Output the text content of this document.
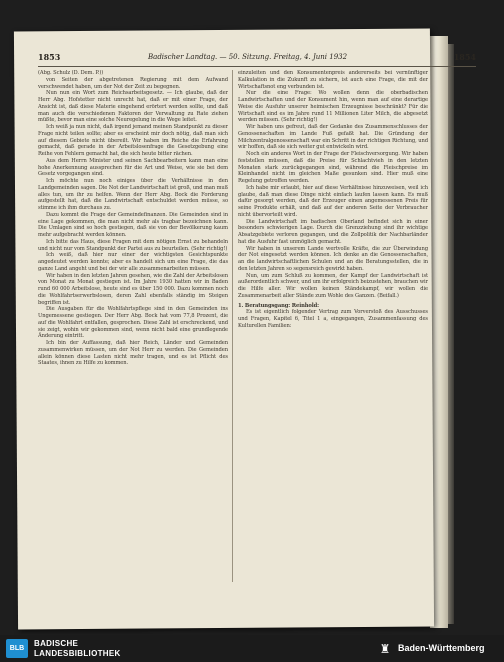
1853	Badischer Landtag. — 50. Sitzung. Freitag, 4. Juni 1932	1854

(Abg. Schulz (D. Dem. P.))

von Seiten der abgetretenen Regierung mit dem Aufwand verschwendet haben, um der Not der Zeit zu begegnen.

Nun nun ein Wort zum Reichsarbeitsgesetz. — Ich glaube, daß der Herr Abg. Hofstetter nicht unrecht hat, daß er mit einer Frage, der Ansicht ist, daß diese Materie eingehend erörtert werden sollte, und daß man auch die verschiedenen Faktoren der Verwaltung zu Rate ziehen müßte, bevor man eine solche Neuregelung in die Wege leitet.

Ich weiß ja nun nicht, daß irgend jemand meinen Standpunkt zu dieser Frage nicht teilen sollte; aber es erscheint mir doch nötig, daß man sich auf diesem Gebiete nicht übereilt. Wir haben im Reiche die Erfahrung gemacht, daß gerade in der Arbeitslosenfrage die Gesetzgebung eine Reihe von Fehlern gemacht hat, die sich heute bitter rächen.

Aus dem Herrn Minister und seinen Sachbearbeitern kann man eine hohe Anerkennung aussprechen für die Art und Weise, wie sie bei dem Gesetz vorgegangen sind.

Ich möchte nun noch einiges über die Verhältnisse in den Landgemeinden sagen. Die Not der Landwirtschaft ist groß, und man muß alles tun, um ihr zu helfen. Wenn der Herr Abg. Bock die Forderung aufgestellt hat, daß die Landwirtschaft entschuldet werden müsse, so stimme ich ihm durchaus zu.

Dazu kommt die Frage der Gemeindefinanzen. Die Gemeinden sind in eine Lage gekommen, die man nicht mehr als tragbar bezeichnen kann. Die Umlagen sind so hoch gestiegen, daß sie von der Bevölkerung kaum mehr aufgebracht werden können.

Ich bitte das Haus, diese Fragen mit dem nötigen Ernst zu behandeln und nicht nur vom Standpunkt der Partei aus zu beurteilen. (Sehr richtig!)

Ich weiß, daß hier nur einer der wichtigsten Gesichtspunkte angedeutet werden konnte; aber es handelt sich um eine Frage, die das ganze Land angeht und bei der wir alle zusammenarbeiten müssen.

Wir haben in den letzten Jahren gesehen, wie die Zahl der Arbeitslosen von Monat zu Monat gestiegen ist. Im Jahre 1930 hatten wir in Baden rund 60 000 Arbeitslose, heute sind es über 150 000. Dazu kommen noch die Wohlfahrtserwerbslosen, deren Zahl ebenfalls ständig im Steigen begriffen ist.

Die Ausgaben für die Wohlfahrtspflege sind in den Gemeinden ins Ungemessene gestiegen. Der Herr Abg. Bock hat vom 77,8 Prozent, die auf die Wohlfahrt entfallen, gesprochen. Diese Zahl ist erschreckend, und sie zeigt, wohin wir gekommen sind, wenn nicht bald eine grundlegende Änderung eintritt.

Ich bin der Auffassung, daß hier Reich, Länder und Gemeinden zusammenwirken müssen, um der Not Herr zu werden. Die Gemeinden allein können diese Lasten nicht mehr tragen, und es ist Pflicht des Staates, ihnen zu Hilfe zu kommen.

einzuleiten und den Konsumentenpreis andererseits bei vernünftiger Kalkulation in die Zukunft zu sichern, ist auch eine Frage, die mit der Wirtschaftsnot eng verbunden ist.

Nur die eine Frage: Wo wollen denn die oberbadischen Landwirtschaften und der Konsument hin, wenn man auf eine derartige Weise die Ausfuhr unserer heimischen Erzeugnisse beschränkt? Für die Wirtschaft sind es im Jahre rund 11 Millionen Liter Milch, die abgesetzt werden müssen. (Sehr richtig!)

Wir haben uns gefreut, daß der Gedanke des Zusammenschlusses der Genossenschaften im Lande Fuß gefaßt hat. Die Gründung der Milchzentralgenossenschaft war ein Schritt in der richtigen Richtung, und wir hoffen, daß sie sich weiter gut entwickeln wird.

Noch ein anderes Wort in der Frage der Fleischversorgung. Wir haben feststellen müssen, daß die Preise für Schlachtvieh in den letzten Monaten stark zurückgegangen sind, während die Fleischpreise im Kleinhandel nicht im gleichen Maße gesunken sind. Hier muß eine Regelung getroffen werden.

Ich habe mir erlaubt, hier auf diese Verhältnisse hinzuweisen, weil ich glaube, daß man diese Dinge nicht einfach laufen lassen kann. Es muß dafür gesorgt werden, daß der Erzeuger einen angemessenen Preis für seine Produkte erhält, und daß auf der anderen Seite der Verbraucher nicht übervorteilt wird.

Die Landwirtschaft im badischen Oberland befindet sich in einer besonders schwierigen Lage. Durch die Grenzziehung sind ihr wichtige Absatzgebiete verloren gegangen, und die Zollpolitik der Nachbarländer hat die Ausfuhr fast unmöglich gemacht.

Wir haben in unserem Lande wertvolle Kräfte, die zur Überwindung der Not eingesetzt werden können. Ich denke an die Genossenschaften, an die landwirtschaftlichen Schulen und an die Beratungsstellen, die in den letzten Jahren so segensreich gewirkt haben.

Nun, um zum Schluß zu kommen, der Kampf der Landwirtschaft ist außerordentlich schwer, und um ihr erfolgreich beizustehen, brauchen wir die Hilfe aller. Wir wollen keinen Ständekampf, wir wollen die Zusammenarbeit aller Stände zum Wohle des Ganzen. (Beifall.)

1. Beratungsgang: Reinhold:

Es ist eigentlich folgender Vertrag zum Vorverstoß des Ausschusses und Fragen, Kapitel 6, Titel 1 a, eingegangen, Zusammenfassung des Kulturellen Familien:

BLB
BADISCHE
LANDESBIBLIOTHEK	♜ Baden-Württemberg
